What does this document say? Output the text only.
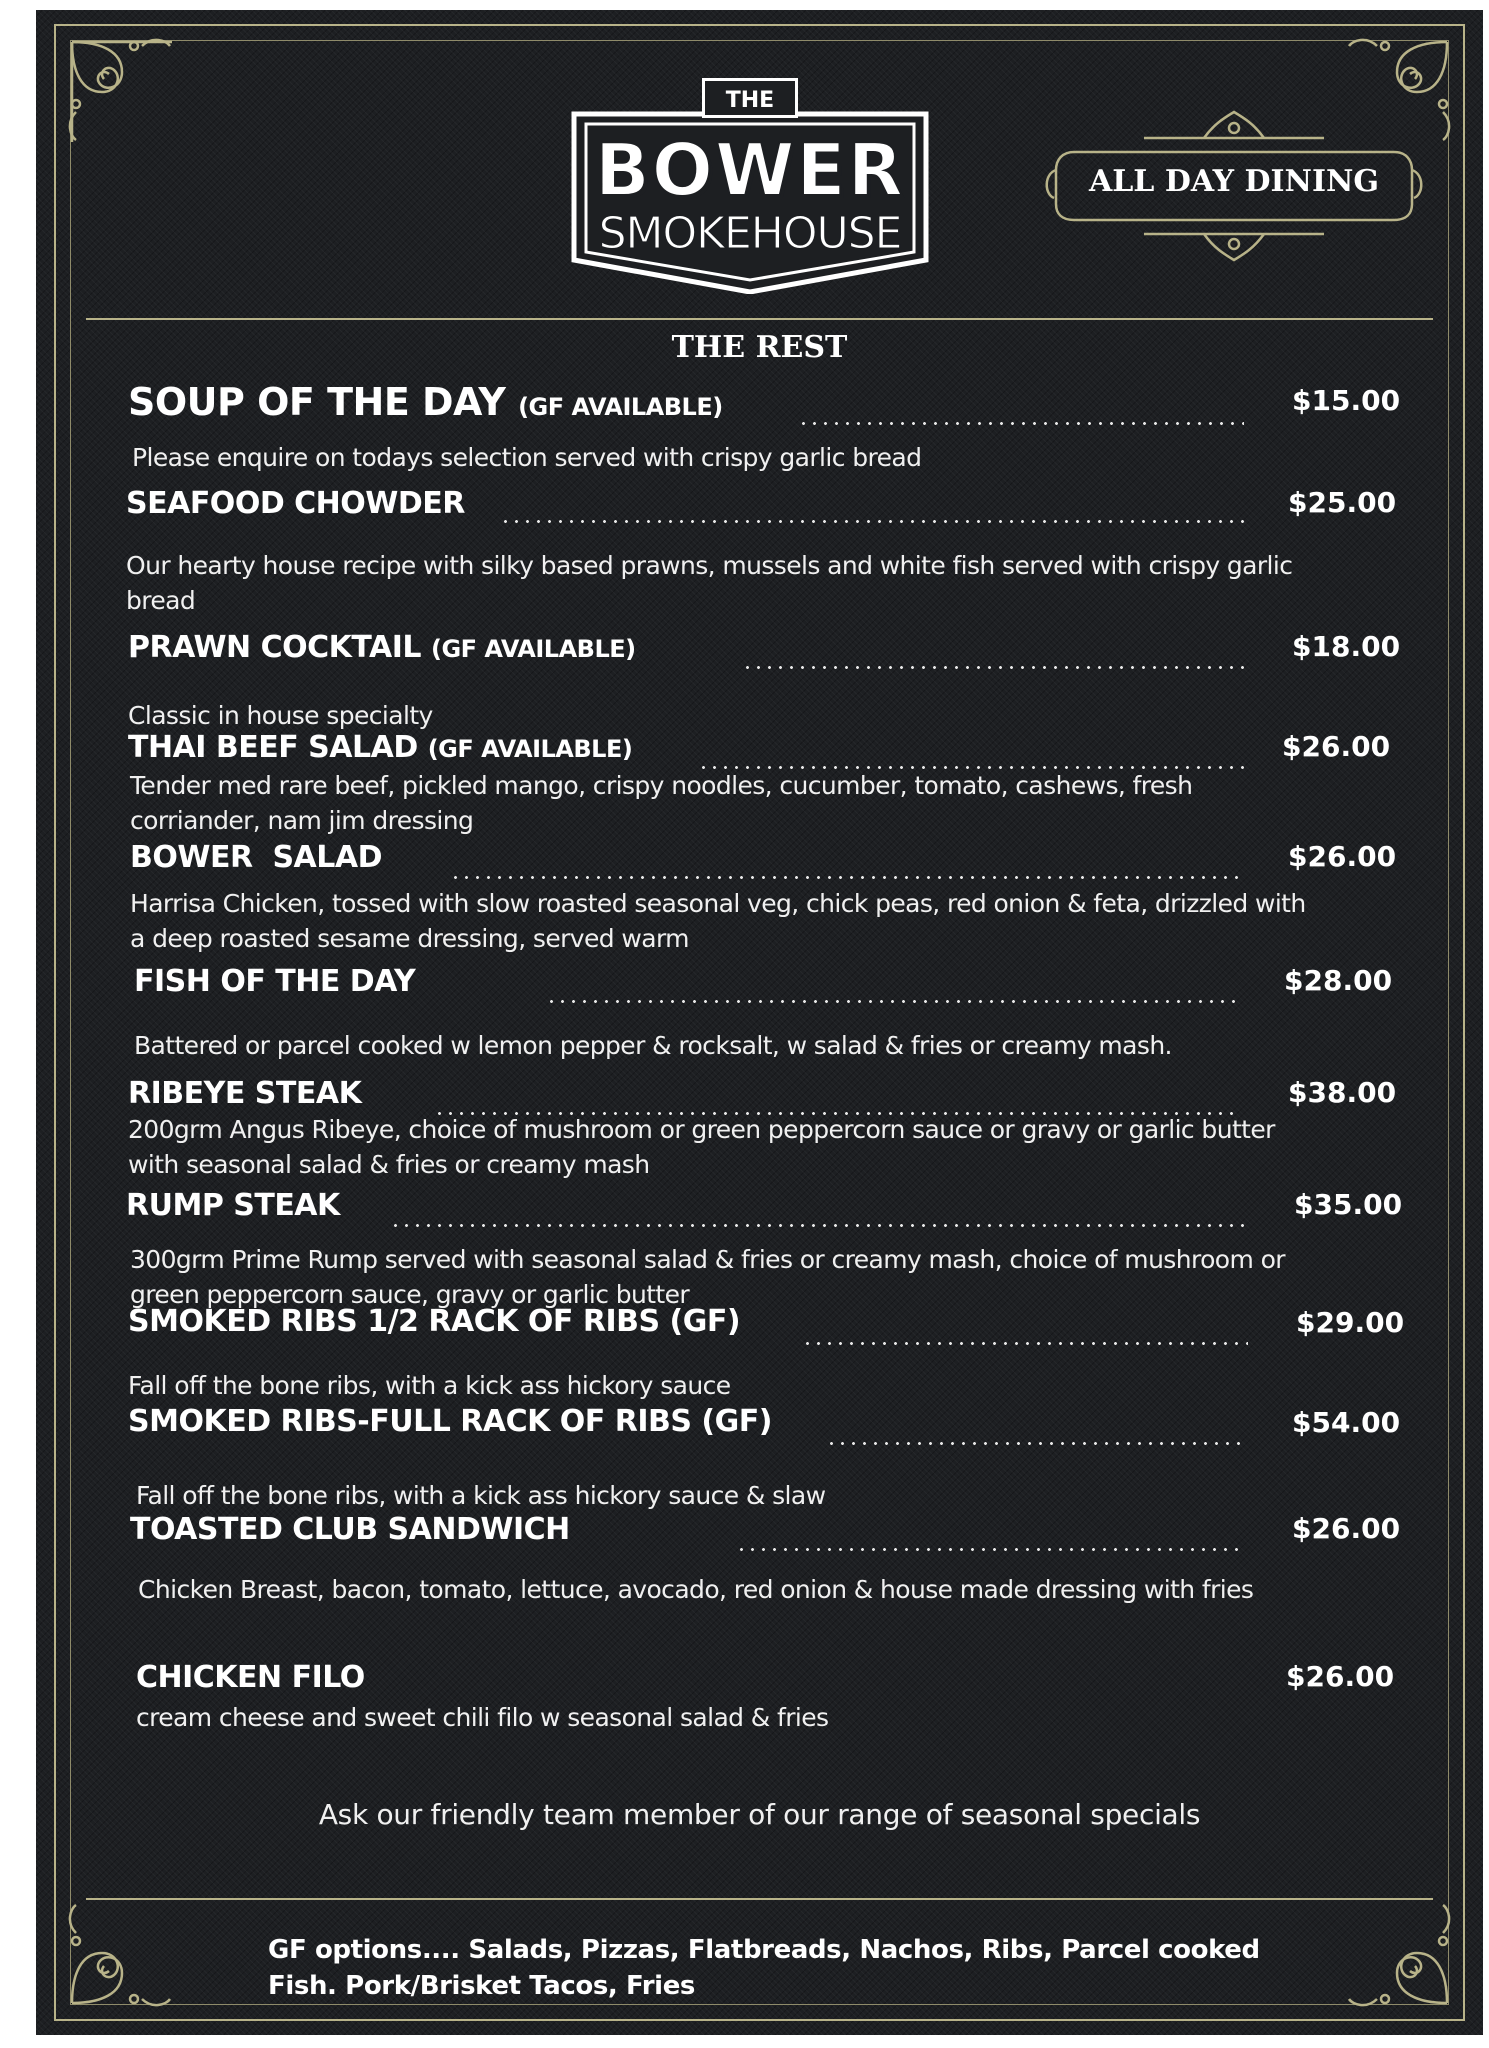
THE
BOWER
SMOKEHOUSE
ALL DAY DINING
THE REST
SOUP OF THE DAY (GF AVAILABLE)	$15.00
Please enquire on todays selection served with crispy garlic bread
SEAFOOD CHOWDER	$25.00
Our hearty house recipe with silky based prawns, mussels and white fish served with crispy garlic bread
PRAWN COCKTAIL (GF AVAILABLE)	$18.00
Classic in house specialty
THAI BEEF SALAD (GF AVAILABLE)	$26.00
Tender med rare beef, pickled mango, crispy noodles, cucumber, tomato, cashews, fresh corriander, nam jim dressing
BOWER  SALAD	$26.00
Harrisa Chicken, tossed with slow roasted seasonal veg, chick peas, red onion & feta, drizzled with a deep roasted sesame dressing, served warm
FISH OF THE DAY	$28.00
Battered or parcel cooked w lemon pepper & rocksalt, w salad & fries or creamy mash.
RIBEYE STEAK	$38.00
200grm Angus Ribeye, choice of mushroom or green peppercorn sauce or gravy or garlic butter with seasonal salad & fries or creamy mash
RUMP STEAK	$35.00
300grm Prime Rump served with seasonal salad & fries or creamy mash, choice of mushroom or green peppercorn sauce, gravy or garlic butter
SMOKED RIBS 1/2 RACK OF RIBS (GF)	$29.00
Fall off the bone ribs, with a kick ass hickory sauce
SMOKED RIBS-FULL RACK OF RIBS (GF)	$54.00
Fall off the bone ribs, with a kick ass hickory sauce & slaw
TOASTED CLUB SANDWICH	$26.00
Chicken Breast, bacon, tomato, lettuce, avocado, red onion & house made dressing with fries
CHICKEN FILO	$26.00
cream cheese and sweet chili filo w seasonal salad & fries
Ask our friendly team member of our range of seasonal specials
GF options.... Salads, Pizzas, Flatbreads, Nachos, Ribs, Parcel cooked Fish. Pork/Brisket Tacos, Fries
